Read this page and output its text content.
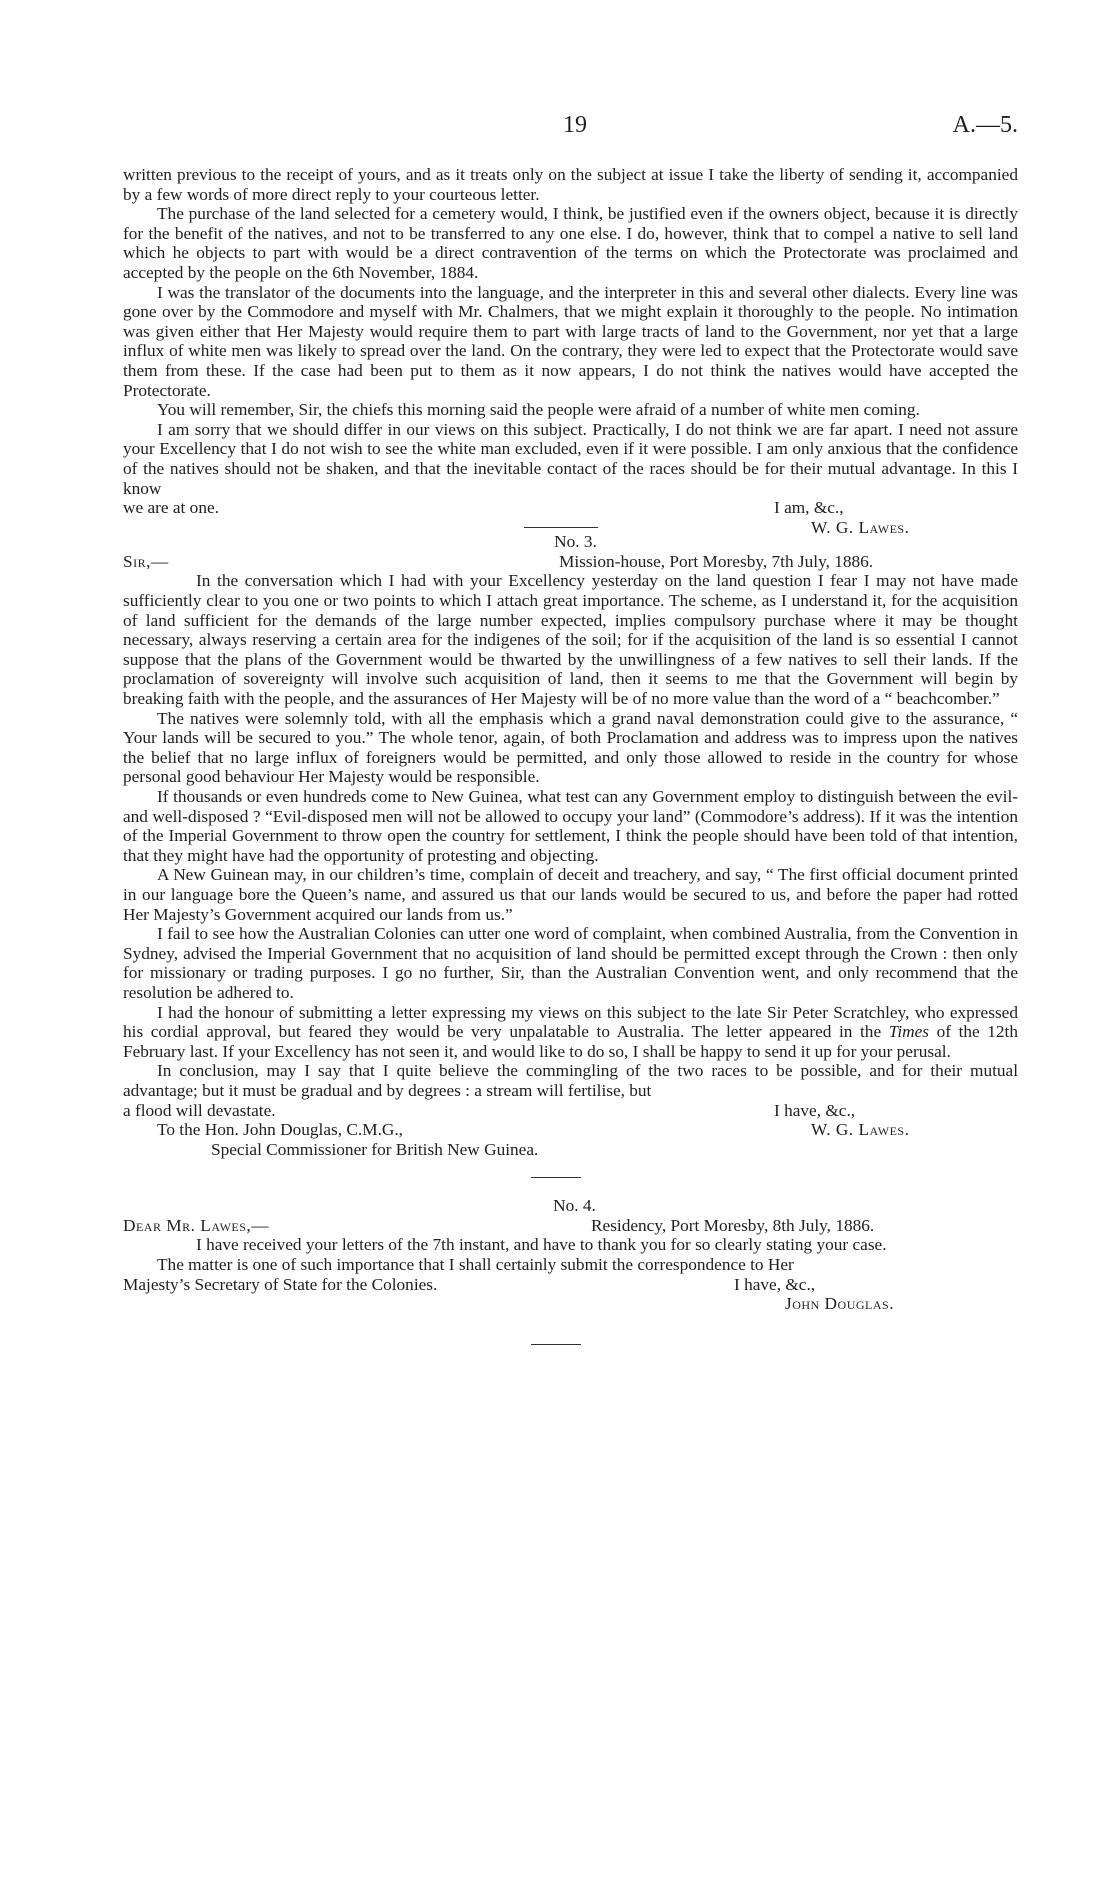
19	A.—5.

written previous to the receipt of yours, and as it treats only on the subject at issue I take the liberty of sending it, accompanied by a few words of more direct reply to your courteous letter.

The purchase of the land selected for a cemetery would, I think, be justified even if the owners object, because it is directly for the benefit of the natives, and not to be transferred to any one else. I do, however, think that to compel a native to sell land which he objects to part with would be a direct contravention of the terms on which the Protectorate was proclaimed and accepted by the people on the 6th November, 1884.

I was the translator of the documents into the language, and the interpreter in this and several other dialects. Every line was gone over by the Commodore and myself with Mr. Chalmers, that we might explain it thoroughly to the people. No intimation was given either that Her Majesty would require them to part with large tracts of land to the Government, nor yet that a large influx of white men was likely to spread over the land. On the contrary, they were led to expect that the Protectorate would save them from these. If the case had been put to them as it now appears, I do not think the natives would have accepted the Protectorate.

You will remember, Sir, the chiefs this morning said the people were afraid of a number of white men coming.

I am sorry that we should differ in our views on this subject. Practically, I do not think we are far apart. I need not assure your Excellency that I do not wish to see the white man excluded, even if it were possible. I am only anxious that the confidence of the natives should not be shaken, and that the inevitable contact of the races should be for their mutual advantage. In this I know

we are at one.	I am, &c.,
W. G. Lawes.
No. 3.
Sir,—	Mission-house, Port Moresby, 7th July, 1886.

In the conversation which I had with your Excellency yesterday on the land question I fear I may not have made sufficiently clear to you one or two points to which I attach great importance. The scheme, as I understand it, for the acquisition of land sufficient for the demands of the large number expected, implies compulsory purchase where it may be thought necessary, always reserving a certain area for the indigenes of the soil; for if the acquisition of the land is so essential I cannot suppose that the plans of the Government would be thwarted by the unwillingness of a few natives to sell their lands. If the proclamation of sovereignty will involve such acquisition of land, then it seems to me that the Government will begin by breaking faith with the people, and the assurances of Her Majesty will be of no more value than the word of a “ beachcomber.”

The natives were solemnly told, with all the emphasis which a grand naval demonstration could give to the assurance, “ Your lands will be secured to you.” The whole tenor, again, of both Proclamation and address was to impress upon the natives the belief that no large influx of foreigners would be permitted, and only those allowed to reside in the country for whose personal good behaviour Her Majesty would be responsible.

If thousands or even hundreds come to New Guinea, what test can any Government employ to distinguish between the evil- and well-disposed ? “Evil-disposed men will not be allowed to occupy your land” (Commodore’s address). If it was the intention of the Imperial Government to throw open the country for settlement, I think the people should have been told of that intention, that they might have had the opportunity of protesting and objecting.

A New Guinean may, in our children’s time, complain of deceit and treachery, and say, “ The first official document printed in our language bore the Queen’s name, and assured us that our lands would be secured to us, and before the paper had rotted Her Majesty’s Government acquired our lands from us.”

I fail to see how the Australian Colonies can utter one word of complaint, when combined Australia, from the Convention in Sydney, advised the Imperial Government that no acquisition of land should be permitted except through the Crown : then only for missionary or trading purposes. I go no further, Sir, than the Australian Convention went, and only recommend that the resolution be adhered to.

I had the honour of submitting a letter expressing my views on this subject to the late Sir Peter Scratchley, who expressed his cordial approval, but feared they would be very unpalatable to Australia. The letter appeared in the Times of the 12th February last. If your Excellency has not seen it, and would like to do so, I shall be happy to send it up for your perusal.

In conclusion, may I say that I quite believe the commingling of the two races to be possible, and for their mutual advantage; but it must be gradual and by degrees : a stream will fertilise, but

a flood will devastate.	I have, &c.,
To the Hon. John Douglas, C.M.G.,	W. G. Lawes.
Special Commissioner for British New Guinea.
No. 4.
Dear Mr. Lawes,—	Residency, Port Moresby, 8th July, 1886.

I have received your letters of the 7th instant, and have to thank you for so clearly stating your case.

The matter is one of such importance that I shall certainly submit the correspondence to Her

Majesty’s Secretary of State for the Colonies.	I have, &c.,
John Douglas.
